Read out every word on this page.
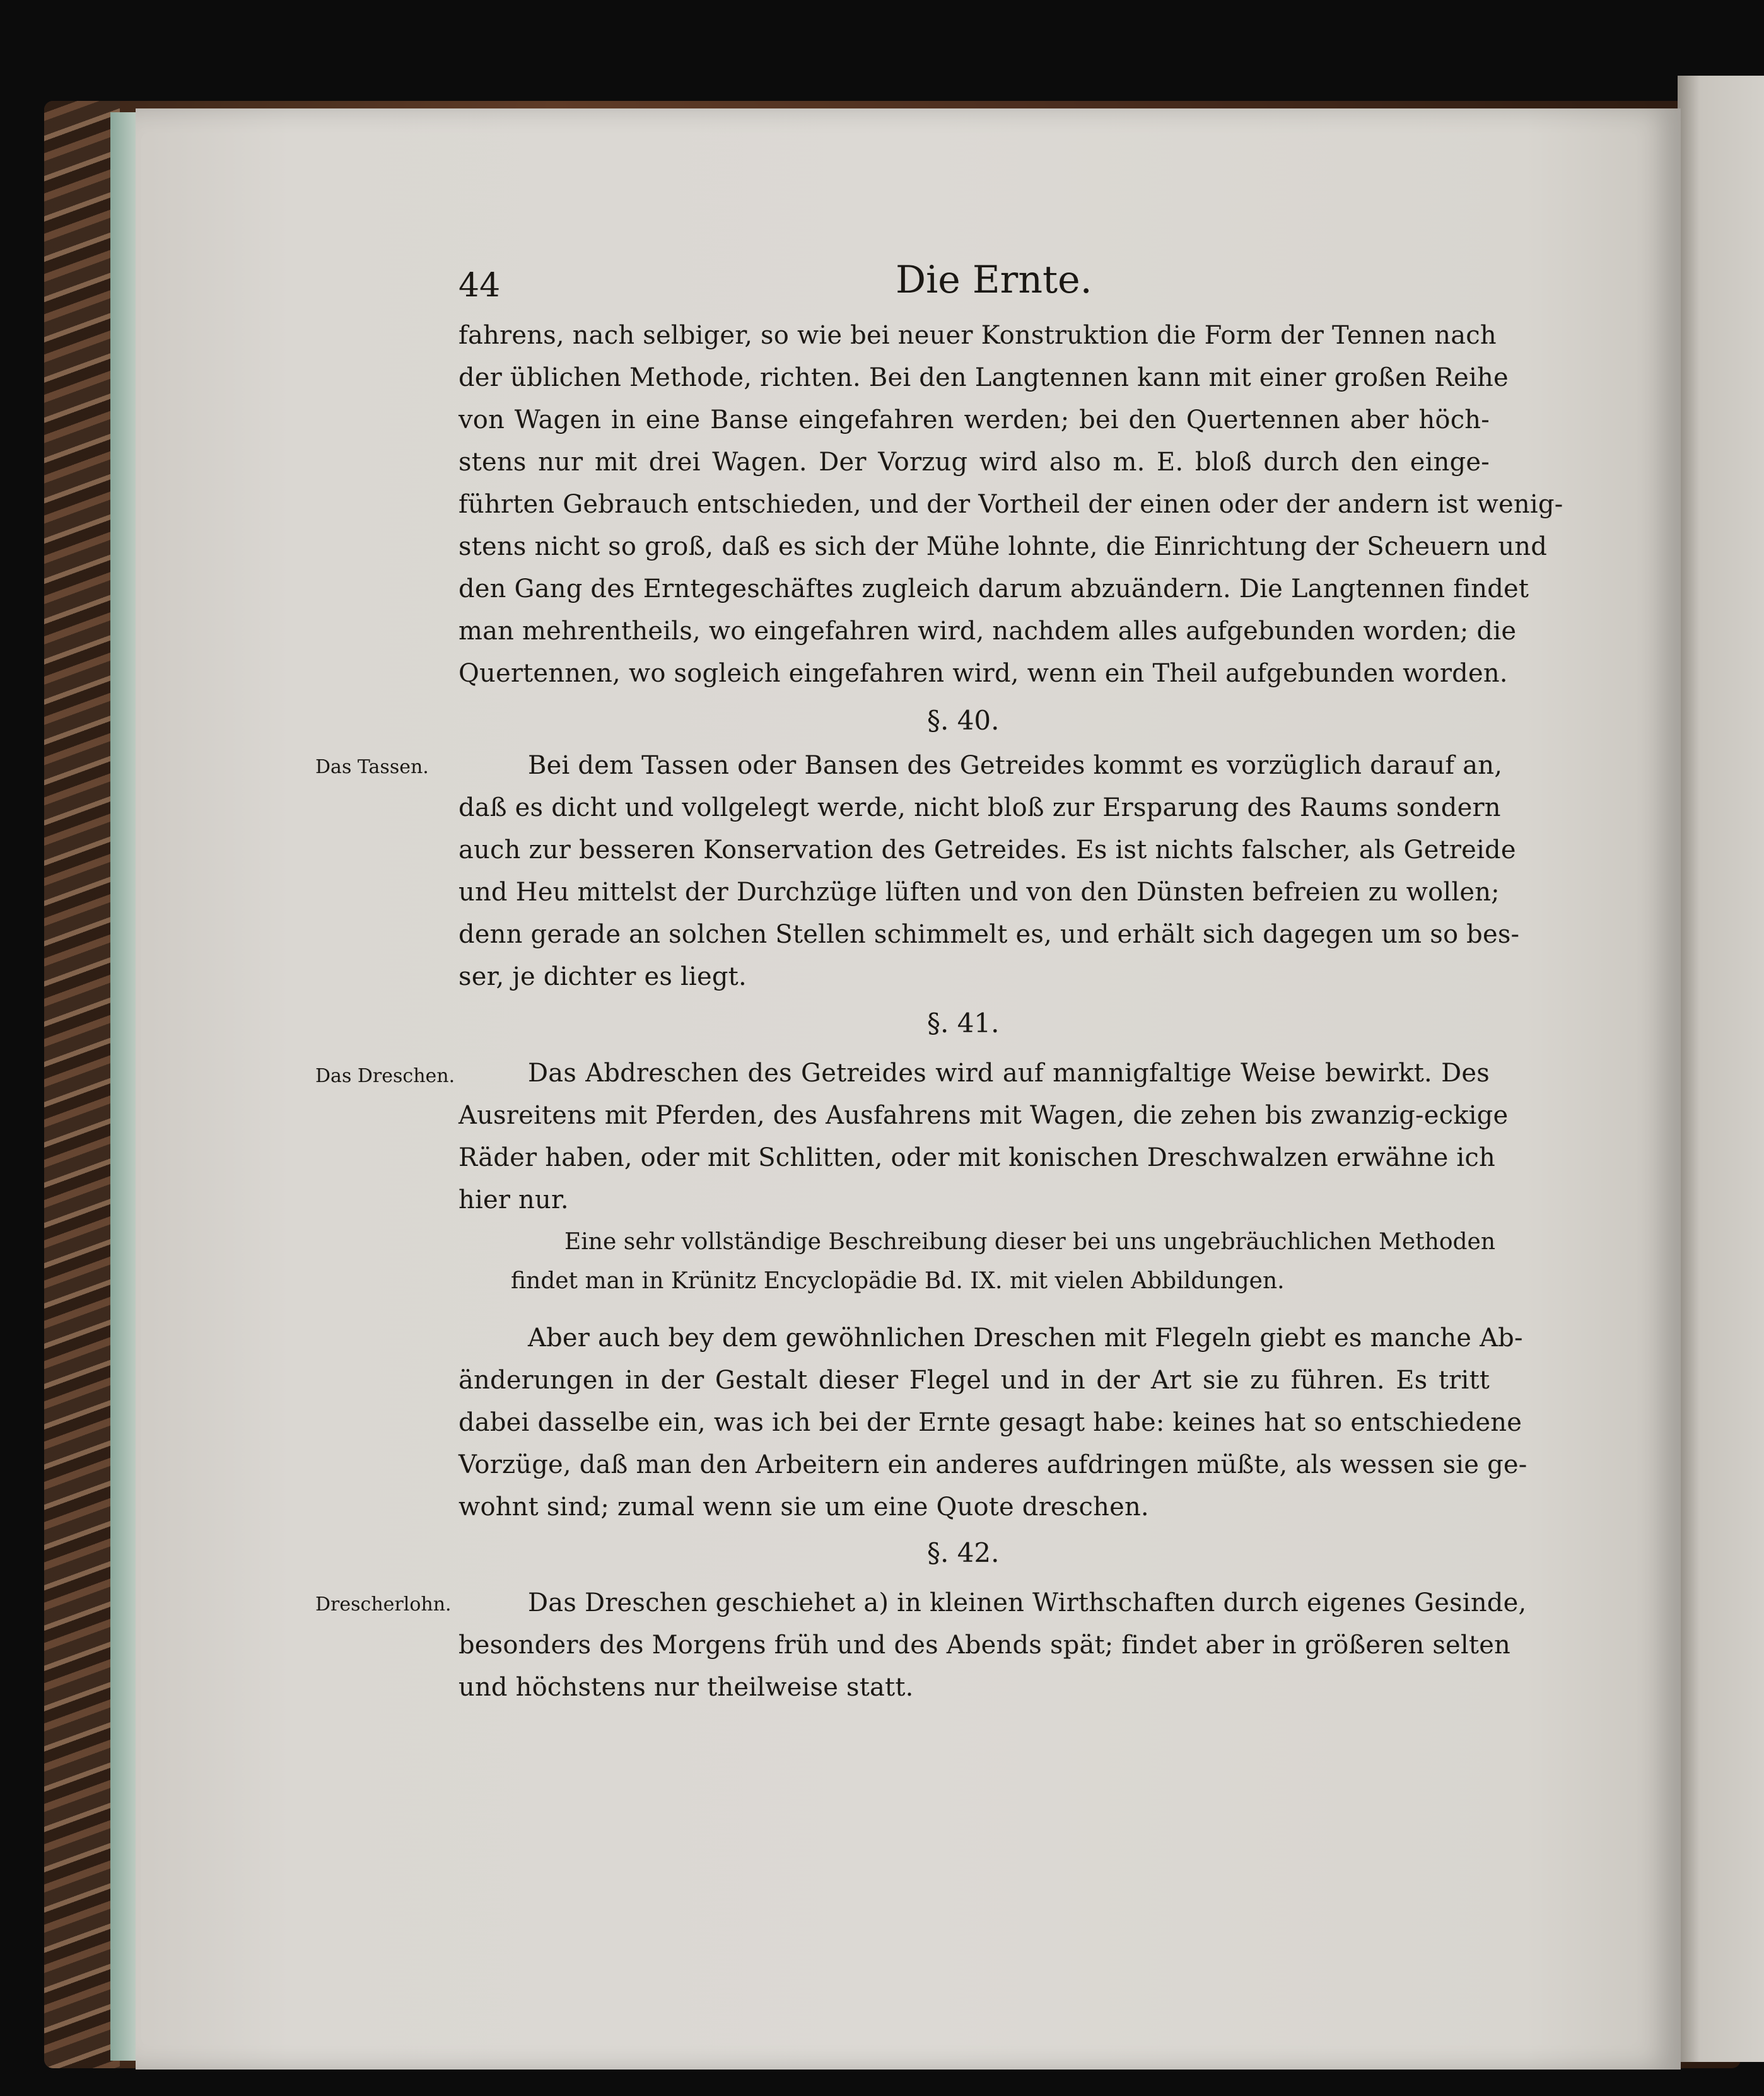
44	Die Ernte.
fahrens, nach selbiger, so wie bei neuer Konstruktion die Form der Tennen nach
der üblichen Methode, richten. Bei den Langtennen kann mit einer großen Reihe
von Wagen in eine Banse eingefahren werden; bei den Quertennen aber höch-
stens nur mit drei Wagen. Der Vorzug wird also m. E. bloß durch den einge-
führten Gebrauch entschieden, und der Vortheil der einen oder der andern ist wenig-
stens nicht so groß, daß es sich der Mühe lohnte, die Einrichtung der Scheuern und
den Gang des Erntegeschäftes zugleich darum abzuändern. Die Langtennen findet
man mehrentheils, wo eingefahren wird, nachdem alles aufgebunden worden; die
Quertennen, wo sogleich eingefahren wird, wenn ein Theil aufgebunden worden.
§. 40.
Das Tassen.	Bei dem Tassen oder Bansen des Getreides kommt es vorzüglich darauf an,
daß es dicht und vollgelegt werde, nicht bloß zur Ersparung des Raums sondern
auch zur besseren Konservation des Getreides. Es ist nichts falscher, als Getreide
und Heu mittelst der Durchzüge lüften und von den Dünsten befreien zu wollen;
denn gerade an solchen Stellen schimmelt es, und erhält sich dagegen um so bes-
ser, je dichter es liegt.
§. 41.
Das Dreschen.	Das Abdreschen des Getreides wird auf mannigfaltige Weise bewirkt. Des
Ausreitens mit Pferden, des Ausfahrens mit Wagen, die zehen bis zwanzig-eckige
Räder haben, oder mit Schlitten, oder mit konischen Dreschwalzen erwähne ich
hier nur.
Eine sehr vollständige Beschreibung dieser bei uns ungebräuchlichen Methoden
findet man in Krünitz Encyclopädie Bd. IX. mit vielen Abbildungen.
Aber auch bey dem gewöhnlichen Dreschen mit Flegeln giebt es manche Ab-
änderungen in der Gestalt dieser Flegel und in der Art sie zu führen. Es tritt
dabei dasselbe ein, was ich bei der Ernte gesagt habe: keines hat so entschiedene
Vorzüge, daß man den Arbeitern ein anderes aufdringen müßte, als wessen sie ge-
wohnt sind; zumal wenn sie um eine Quote dreschen.
§. 42.
Drescherlohn.	Das Dreschen geschiehet a) in kleinen Wirthschaften durch eigenes Gesinde,
besonders des Morgens früh und des Abends spät; findet aber in größeren selten
und höchstens nur theilweise statt.
